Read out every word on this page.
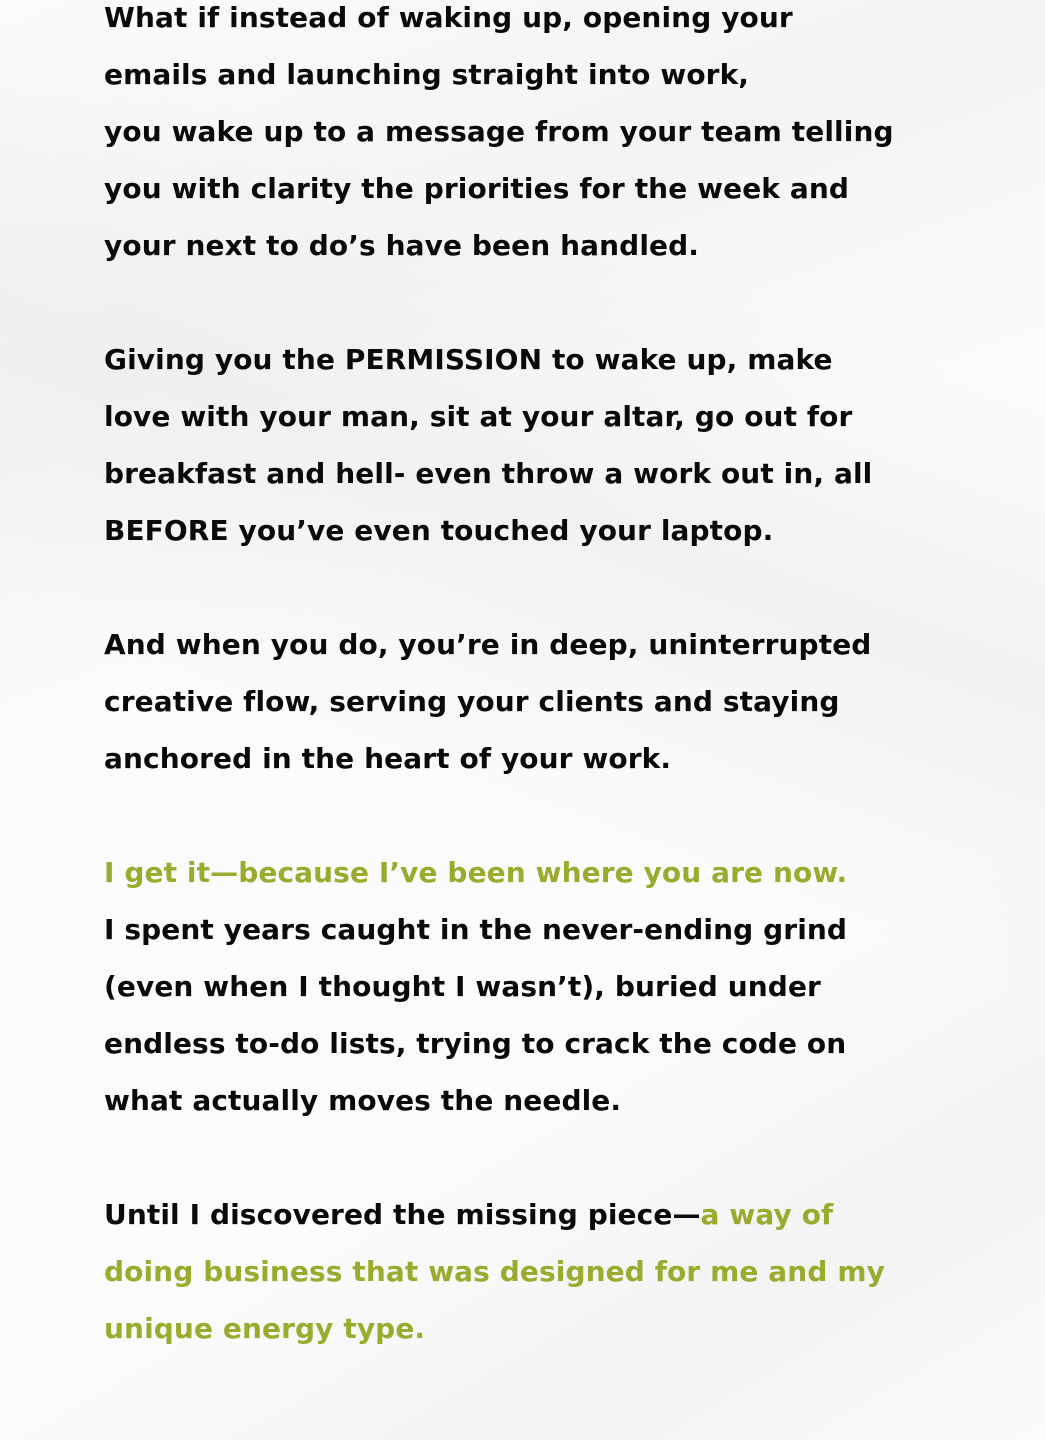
What if instead of waking up, opening your
emails and launching straight into work,
you wake up to a message from your team telling
you with clarity the priorities for the week and
your next to do’s have been handled.

Giving you the PERMISSION to wake up, make
love with your man, sit at your altar, go out for
breakfast and hell- even throw a work out in, all
BEFORE you’ve even touched your laptop.

And when you do, you’re in deep, uninterrupted
creative flow, serving your clients and staying
anchored in the heart of your work.

I get it—because I’ve been where you are now.
I spent years caught in the never-ending grind
(even when I thought I wasn’t), buried under
endless to-do lists, trying to crack the code on
what actually moves the needle.

Until I discovered the missing piece—a way of
doing business that was designed for me and my
unique energy type.
